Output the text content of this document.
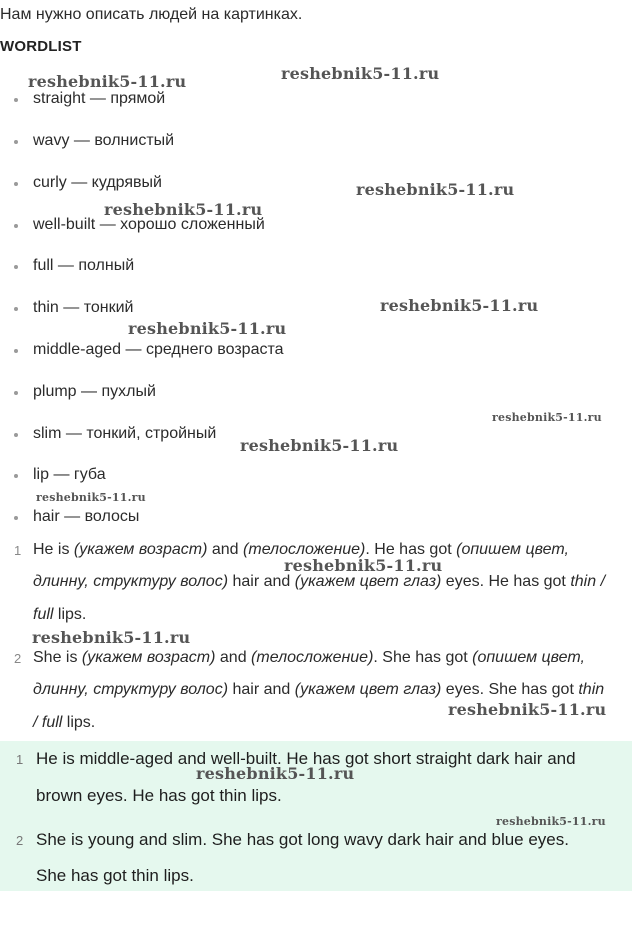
Нам нужно описать людей на картинках.
WORDLIST
straight — прямой
wavy — волнистый
curly — кудрявый
well-built — хорошо сложенный
full — полный
thin — тонкий
middle-aged — среднего возраста
plump — пухлый
slim — тонкий, стройный
lip — губа
hair — волосы
1 He is (укажем возраст) and (телосложение). He has got (опишем цвет,
длинну, структуру волос) hair and (укажем цвет глаз) eyes. He has got thin /
full lips.
2 She is (укажем возраст) and (телосложение). She has got (опишем цвет,
длинну, структуру волос) hair and (укажем цвет глаз) eyes. She has got thin
/ full lips.
1 He is middle-aged and well-built. He has got short straight dark hair and
brown eyes. He has got thin lips.
2 She is young and slim. She has got long wavy dark hair and blue eyes.
She has got thin lips.
reshebnik5-11.ru	reshebnik5-11.ru
reshebnik5-11.ru
reshebnik5-11.ru
reshebnik5-11.ru
reshebnik5-11.ru
reshebnik5-11.ru
reshebnik5-11.ru
reshebnik5-11.ru
reshebnik5-11.ru
reshebnik5-11.ru
reshebnik5-11.ru
reshebnik5-11.ru
reshebnik5-11.ru
